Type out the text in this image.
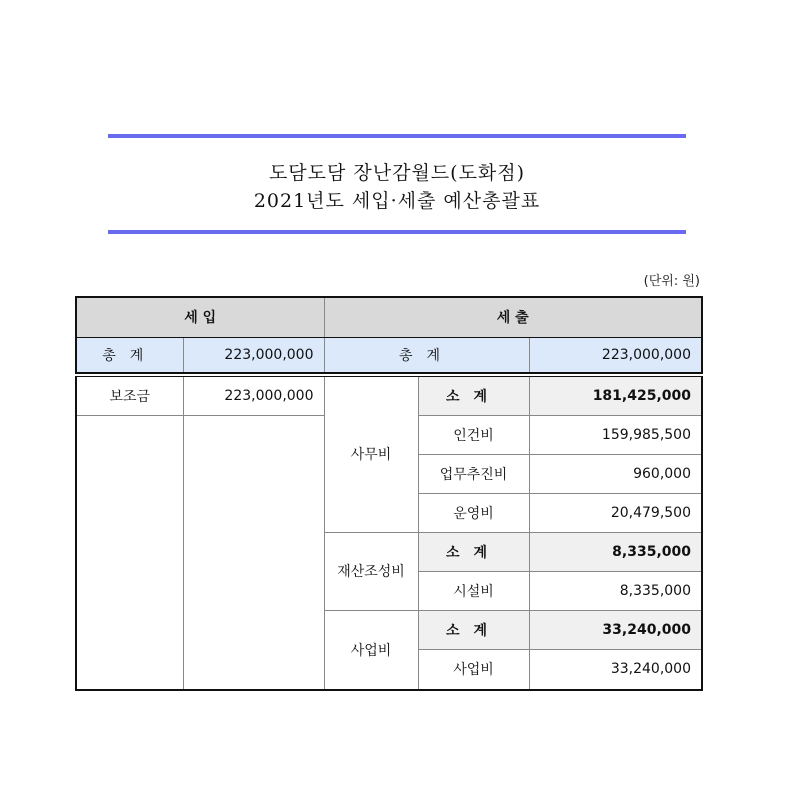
도담도담 장난감월드(도화점)
2021년도 세입·세출 예산총괄표
(단위: 원)
세 입		세 출		
총계	223,000,000	총계		223,000,000

보조금	223,000,000	사무비	소계	181,425,000
			인건비	159,985,500
			업무추진비	960,000
			운영비	20,479,500
		재산조성비	소계	8,335,000
			시설비	8,335,000
		사업비	소계	33,240,000
			사업비	33,240,000
